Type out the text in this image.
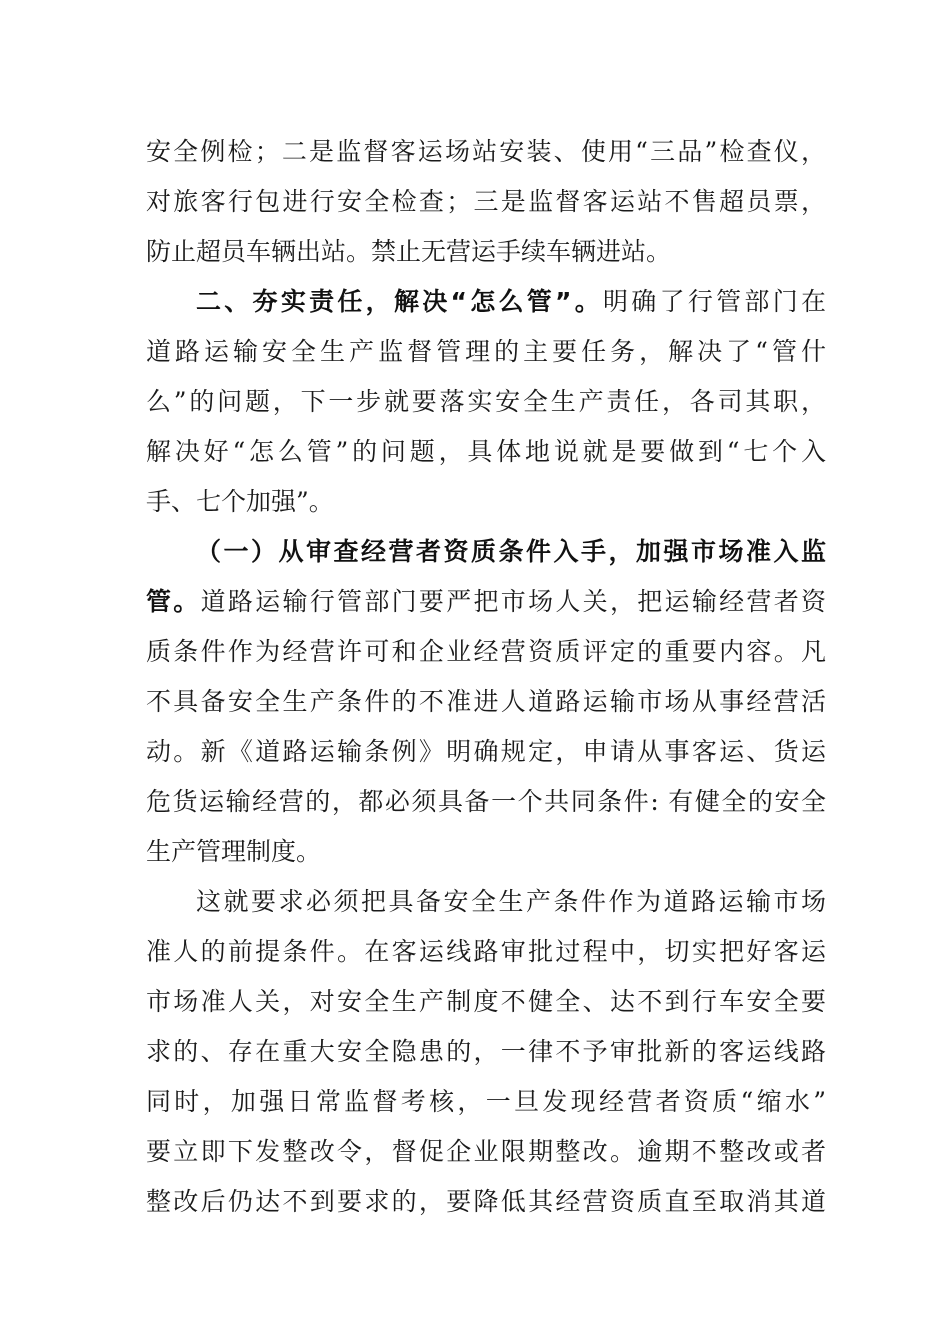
安全例检；二是监督客运场站安装、使用“三品”检查仪，
对旅客行包进行安全检查；三是监督客运站不售超员票，
防止超员车辆出站。禁止无营运手续车辆进站。
二、夯实责任，解决“怎么管”。明确了行管部门在
道路运输安全生产监督管理的主要任务，解决了“管什
么”的问题，下一步就要落实安全生产责任，各司其职，
解决好“怎么管”的问题，具体地说就是要做到“七个入
手、七个加强”。
（一）从审查经营者资质条件入手，加强市场准入监
管。道路运输行管部门要严把市场人关，把运输经营者资
质条件作为经营许可和企业经营资质评定的重要内容。凡
不具备安全生产条件的不准进人道路运输市场从事经营活
动。新《道路运输条例》明确规定，申请从事客运、货运
危货运输经营的，都必须具备一个共同条件: 有健全的安全
生产管理制度。
这就要求必须把具备安全生产条件作为道路运输市场
准人的前提条件。在客运线路审批过程中，切实把好客运
市场准人关，对安全生产制度不健全、达不到行车安全要
求的、存在重大安全隐患的，一律不予审批新的客运线路
同时，加强日常监督考核，一旦发现经营者资质“缩水”
要立即下发整改令，督促企业限期整改。逾期不整改或者
整改后仍达不到要求的，要降低其经营资质直至取消其道
